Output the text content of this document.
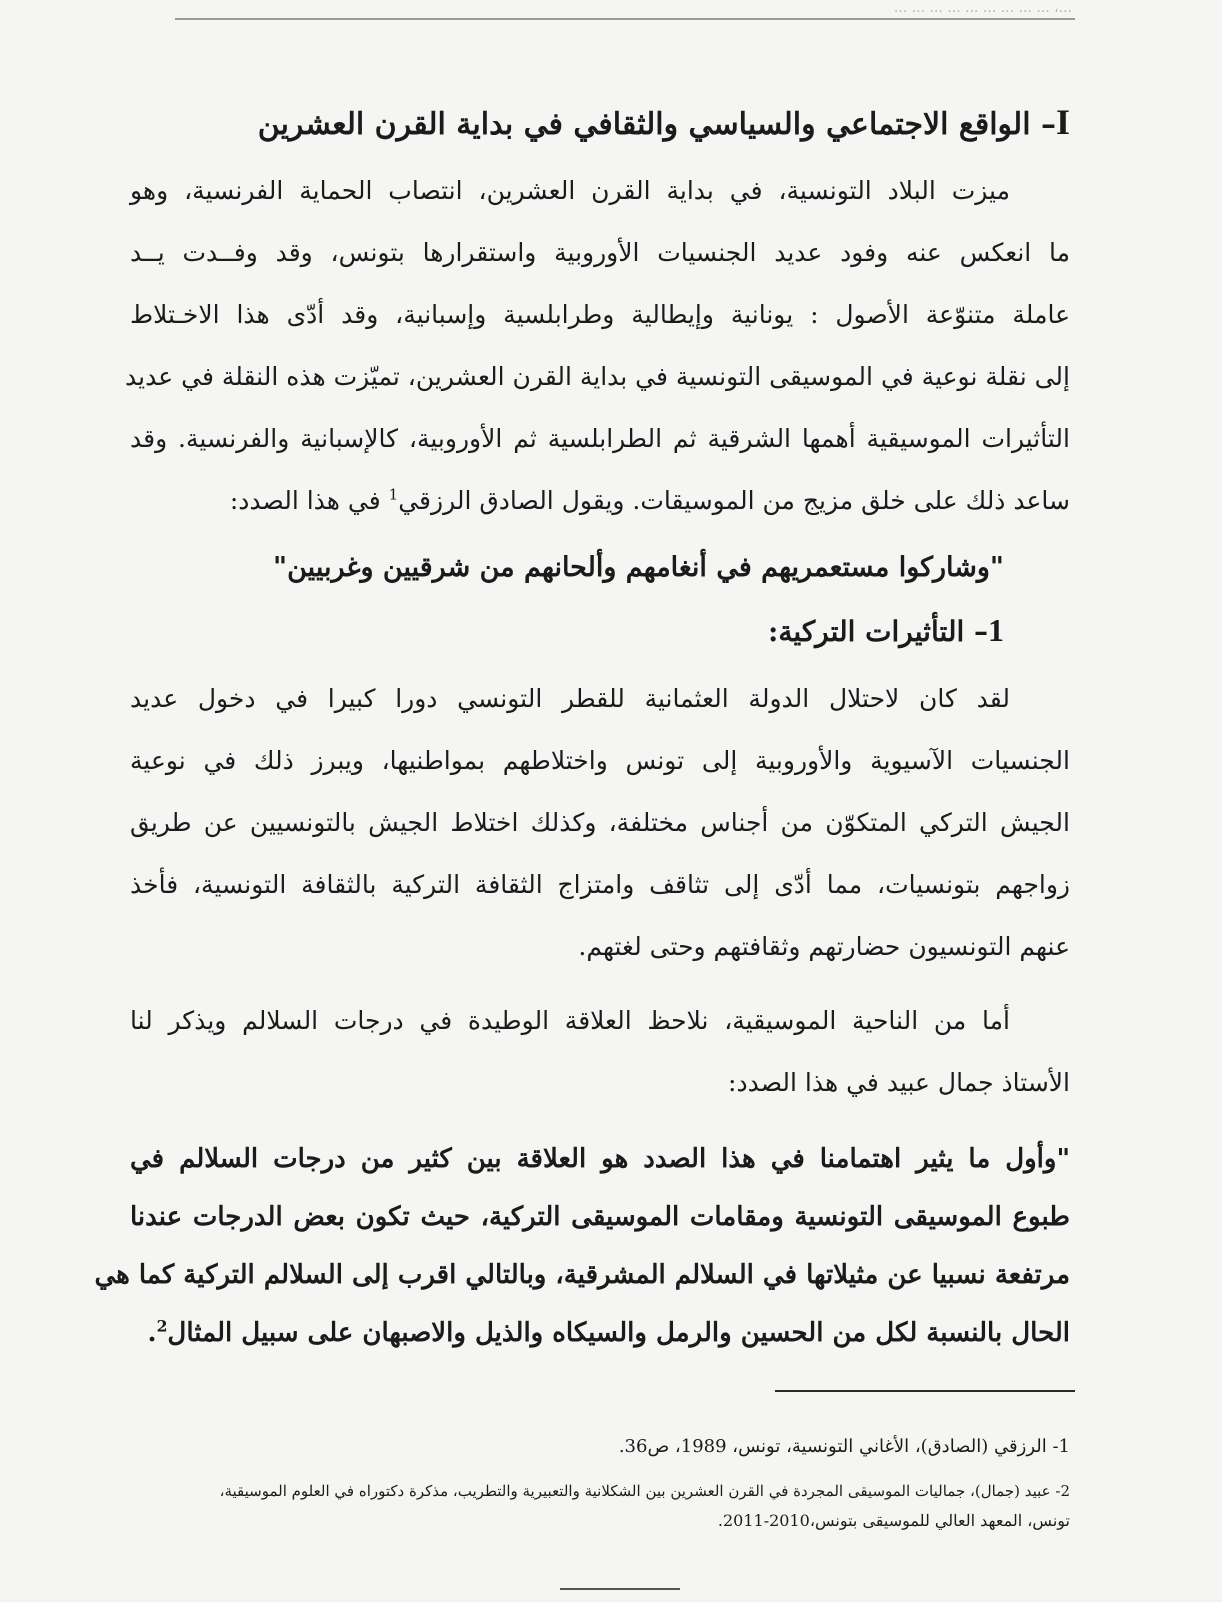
...، ... ... ... ... ... ... ... ... ...
I– الواقع الاجتماعي والسياسي والثقافي في بداية القرن العشرين
ميزت البلاد التونسية، في بداية القرن العشرين، انتصاب الحماية الفرنسية، وهو
ما انعكس عنه وفود عديد الجنسيات الأوروبية واستقرارها بتونس، وقد وفــدت يــد
عاملة متنوّعة الأصول : يونانية وإيطالية وطرابلسية وإسبانية، وقد أدّى هذا الاخـتلاط
إلى نقلة نوعية في الموسيقى التونسية في بداية القرن العشرين، تميّزت هذه النقلة في عديد
التأثيرات الموسيقية أهمها الشرقية ثم الطرابلسية ثم الأوروبية، كالإسبانية والفرنسية. وقد
ساعد ذلك على خلق مزيج من الموسيقات. ويقول الصادق الرزقي$^1$ في هذا الصدد:
"وشاركوا مستعمريهم في أنغامهم وألحانهم من شرقيين وغربيين"
1– التأثيرات التركية:
لقد كان لاحتلال الدولة العثمانية للقطر التونسي دورا كبيرا في دخول عديد
الجنسيات الآسيوية والأوروبية إلى تونس واختلاطهم بمواطنيها، ويبرز ذلك في نوعية
الجيش التركي المتكوّن من أجناس مختلفة، وكذلك اختلاط الجيش بالتونسيين عن طريق
زواجهم بتونسيات، مما أدّى إلى تثاقف وامتزاج الثقافة التركية بالثقافة التونسية، فأخذ
عنهم التونسيون حضارتهم وثقافتهم وحتى لغتهم.
أما من الناحية الموسيقية، نلاحظ العلاقة الوطيدة في درجات السلالم ويذكر لنا
الأستاذ جمال عبيد في هذا الصدد:
"وأول ما يثير اهتمامنا في هذا الصدد هو العلاقة بين كثير من درجات السلالم في
طبوع الموسيقى التونسية ومقامات الموسيقى التركية، حيث تكون بعض الدرجات عندنا
مرتفعة نسبيا عن مثيلاتها في السلالم المشرقية، وبالتالي اقرب إلى السلالم التركية كما هي
الحال بالنسبة لكل من الحسين والرمل والسيكاه والذيل والاصبهان على سبيل المثال$^2$.
1- الرزقي (الصادق)، الأغاني التونسية، تونس، 1989، ص36.
2- عبيد (جمال)، جماليات الموسيقى المجردة في القرن العشرين بين الشكلانية والتعبيرية والتطريب، مذكرة دكتوراه في العلوم الموسيقية،
تونس، المعهد العالي للموسيقى بتونس،2010-2011.
